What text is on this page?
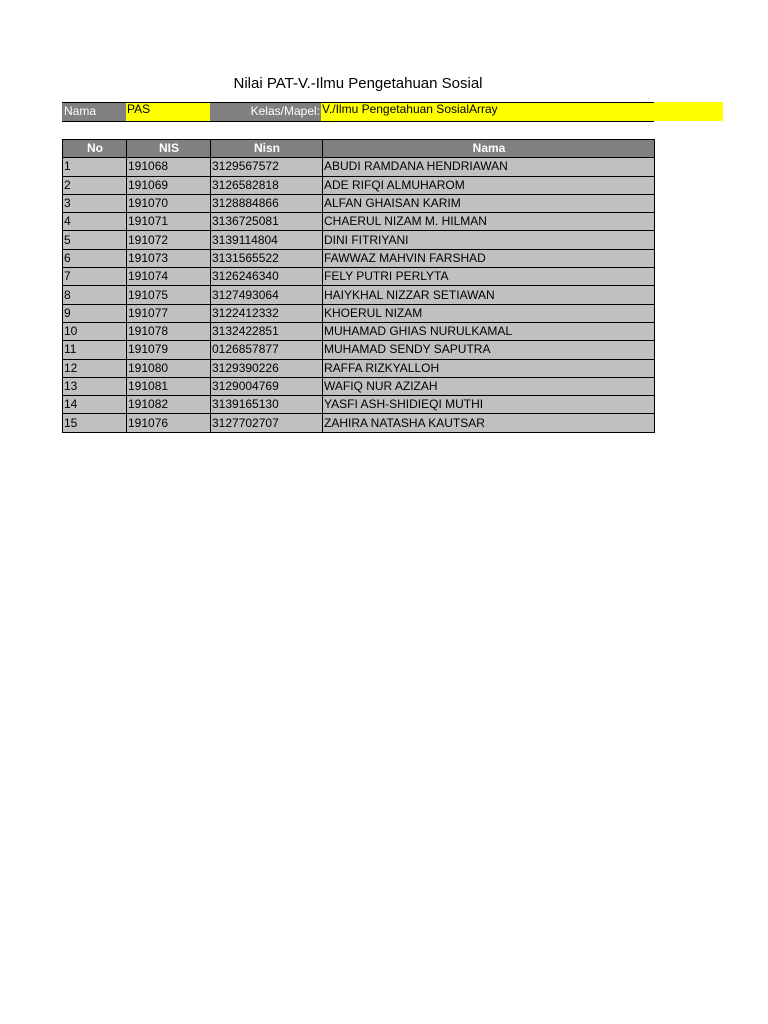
Nilai PAT-V.-Ilmu Pengetahuan Sosial
Nama	PAS	Kelas/Mapel: V./Ilmu Pengetahuan SosialArray
No	NIS	Nisn	Nama
1	191068	3129567572	ABUDI RAMDANA HENDRIAWAN
2	191069	3126582818	ADE RIFQI ALMUHAROM
3	191070	3128884866	ALFAN GHAISAN KARIM
4	191071	3136725081	CHAERUL NIZAM M. HILMAN
5	191072	3139114804	DINI FITRIYANI
6	191073	3131565522	FAWWAZ MAHVIN FARSHAD
7	191074	3126246340	FELY PUTRI PERLYTA
8	191075	3127493064	HAIYKHAL NIZZAR SETIAWAN
9	191077	3122412332	KHOERUL NIZAM
10	191078	3132422851	MUHAMAD GHIAS NURULKAMAL
11	191079	0126857877	MUHAMAD SENDY SAPUTRA
12	191080	3129390226	RAFFA RIZKYALLOH
13	191081	3129004769	WAFIQ NUR AZIZAH
14	191082	3139165130	YASFI ASH-SHIDIEQI MUTHI
15	191076	3127702707	ZAHIRA NATASHA KAUTSAR
